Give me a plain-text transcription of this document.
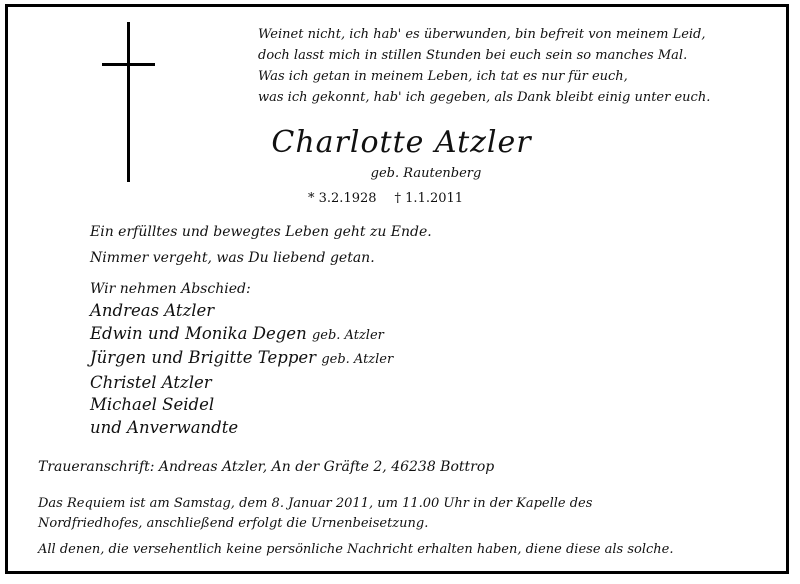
Weinet nicht, ich hab' es überwunden, bin befreit von meinem Leid,
doch lasst mich in stillen Stunden bei euch sein so manches Mal.
Was ich getan in meinem Leben, ich tat es nur für euch,
was ich gekonnt, hab' ich gegeben, als Dank bleibt einig unter euch.
Charlotte Atzler
geb. Rautenberg
* 3.2.1928 † 1.1.2011
Ein erfülltes und bewegtes Leben geht zu Ende.
Nimmer vergeht, was Du liebend getan.
Wir nehmen Abschied:
Andreas Atzler
Edwin und Monika Degen geb. Atzler
Jürgen und Brigitte Tepper geb. Atzler
Christel Atzler
Michael Seidel
und Anverwandte
Traueranschrift: Andreas Atzler, An der Gräfte 2, 46238 Bottrop
Das Requiem ist am Samstag, dem 8. Januar 2011, um 11.00 Uhr in der Kapelle des
Nordfriedhofes, anschließend erfolgt die Urnenbeisetzung.
All denen, die versehentlich keine persönliche Nachricht erhalten haben, diene diese als solche.
